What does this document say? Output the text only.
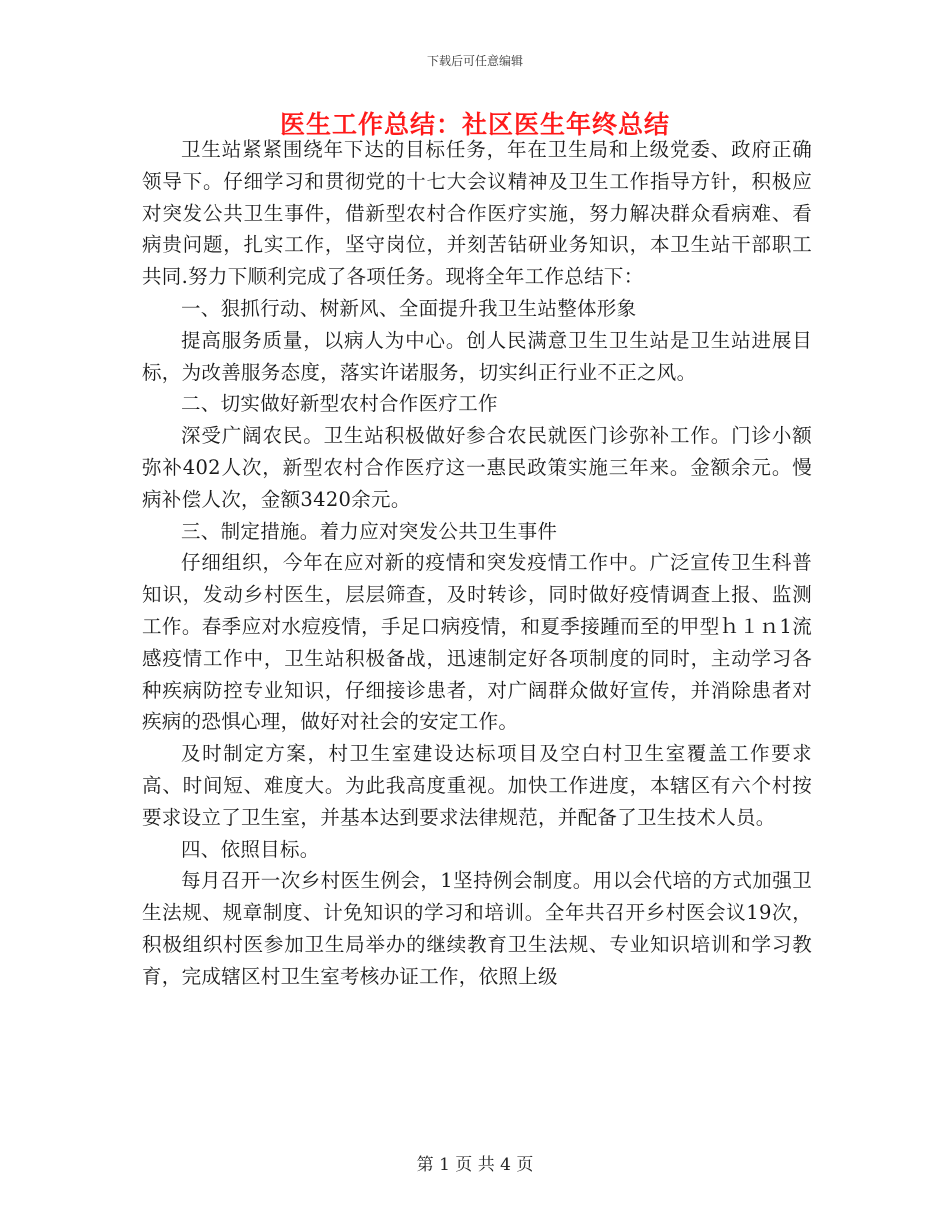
下载后可任意编辑
医生工作总结：社区医生年终总结

卫生站紧紧围绕年下达的目标任务，年在卫生局和上级党委、政府正确领导下。仔细学习和贯彻党的十七大会议精神及卫生工作指导方针，积极应对突发公共卫生事件，借新型农村合作医疗实施，努力解决群众看病难、看病贵问题，扎实工作，坚守岗位，并刻苦钻研业务知识，本卫生站干部职工共同.努力下顺利完成了各项任务。现将全年工作总结下：

一、狠抓行动、树新风、全面提升我卫生站整体形象

提高服务质量，以病人为中心。创人民满意卫生卫生站是卫生站进展目标，为改善服务态度，落实许诺服务，切实纠正行业不正之风。

二、切实做好新型农村合作医疗工作

深受广阔农民。卫生站积极做好参合农民就医门诊弥补工作。门诊小额弥补402人次，新型农村合作医疗这一惠民政策实施三年来。金额余元。慢病补偿人次，金额3420余元。

三、制定措施。着力应对突发公共卫生事件

仔细组织，今年在应对新的疫情和突发疫情工作中。广泛宣传卫生科普知识，发动乡村医生，层层筛查，及时转诊，同时做好疫情调查上报、监测工作。春季应对水痘疫情，手足口病疫情，和夏季接踵而至的甲型ｈ１ｎ1流感疫情工作中，卫生站积极备战，迅速制定好各项制度的同时，主动学习各种疾病防控专业知识，仔细接诊患者，对广阔群众做好宣传，并消除患者对疾病的恐惧心理，做好对社会的安定工作。

及时制定方案，村卫生室建设达标项目及空白村卫生室覆盖工作要求高、时间短、难度大。为此我高度重视。加快工作进度，本辖区有六个村按要求设立了卫生室，并基本达到要求法律规范，并配备了卫生技术人员。

四、依照目标。

每月召开一次乡村医生例会，1坚持例会制度。用以会代培的方式加强卫生法规、规章制度、计免知识的学习和培训。全年共召开乡村医会议19次，积极组织村医参加卫生局举办的继续教育卫生法规、专业知识培训和学习教育，完成辖区村卫生室考核办证工作，依照上级

第 1 页 共 4 页
